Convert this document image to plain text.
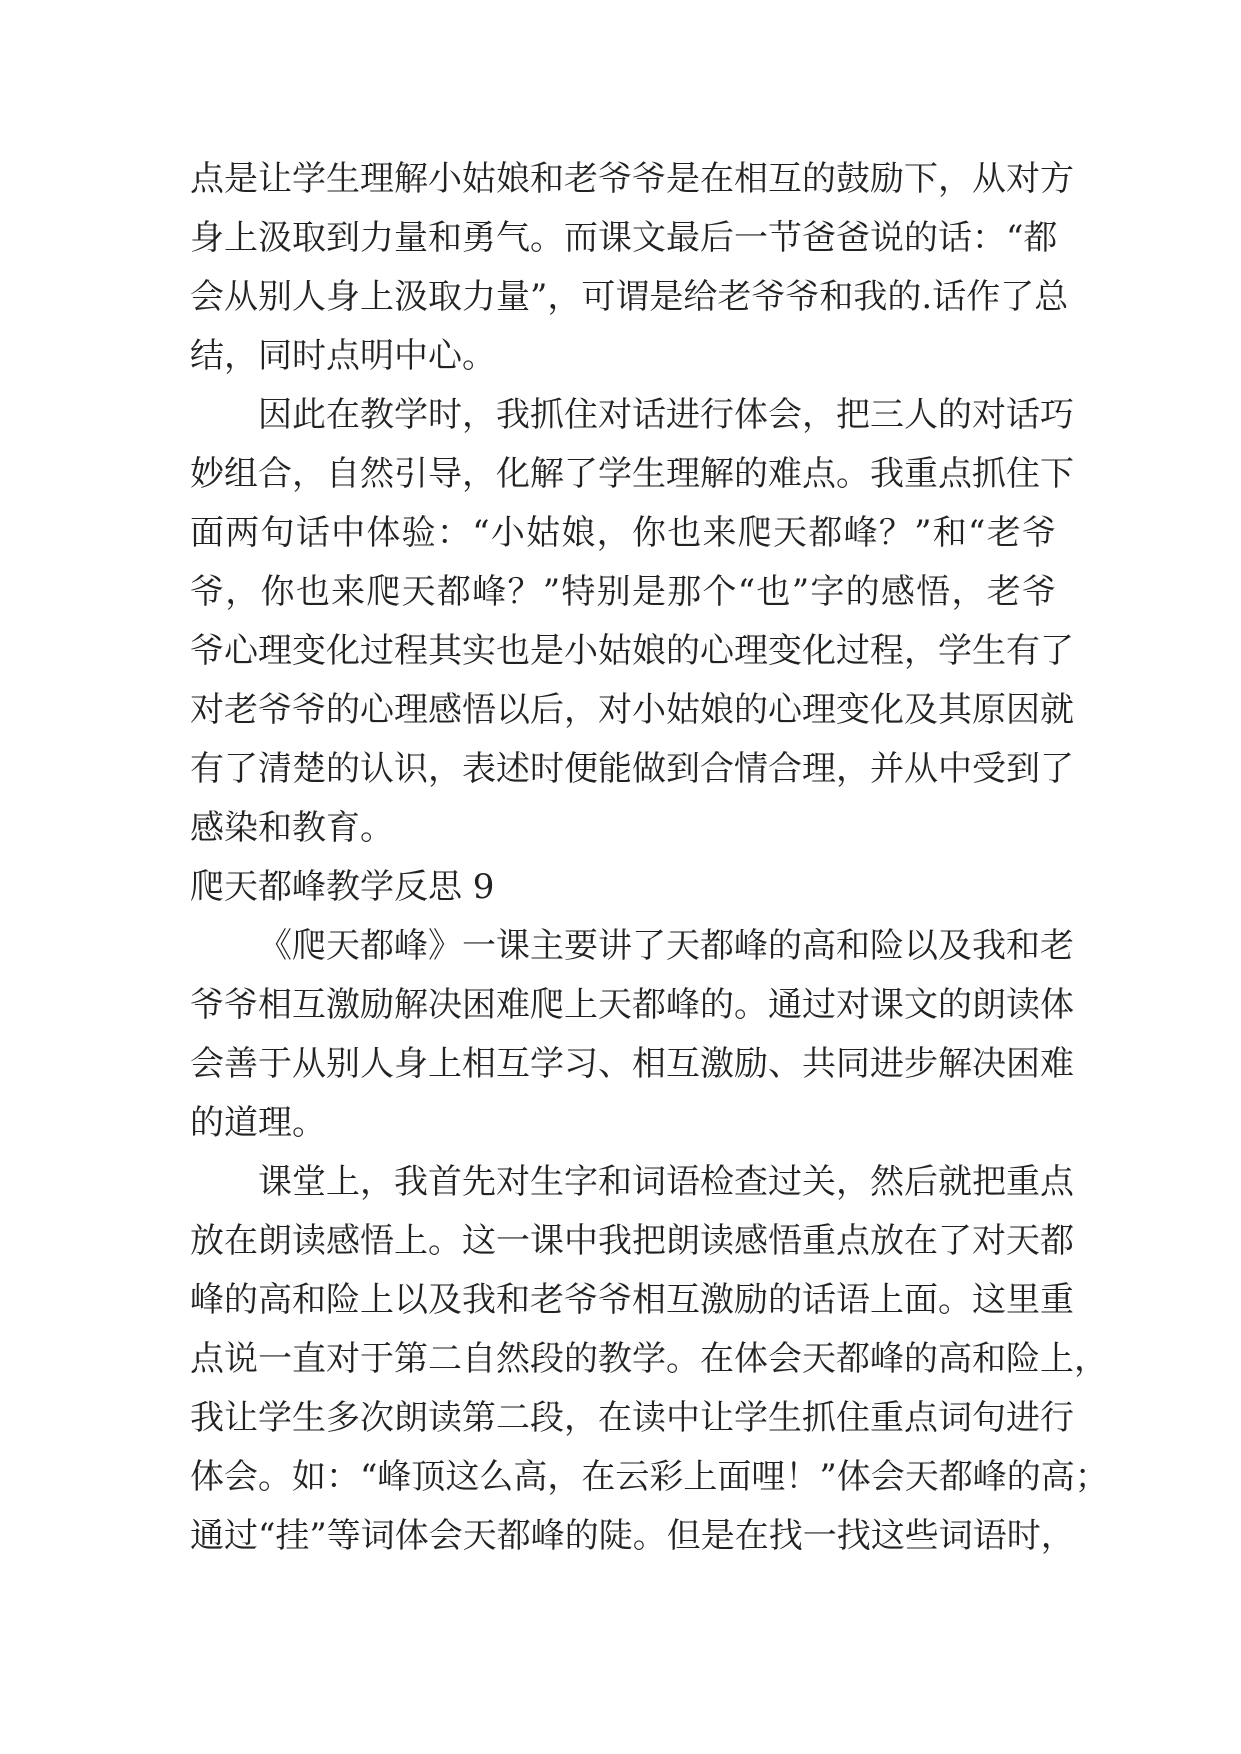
点是让学生理解小姑娘和老爷爷是在相互的鼓励下，从对方
身上汲取到力量和勇气。而课文最后一节爸爸说的话：“都
会从别人身上汲取力量”，可谓是给老爷爷和我的.话作了总
结，同时点明中心。
因此在教学时，我抓住对话进行体会，把三人的对话巧
妙组合，自然引导，化解了学生理解的难点。我重点抓住下
面两句话中体验：“小姑娘，你也来爬天都峰？”和“老爷
爷，你也来爬天都峰？”特别是那个“也”字的感悟，老爷
爷心理变化过程其实也是小姑娘的心理变化过程，学生有了
对老爷爷的心理感悟以后，对小姑娘的心理变化及其原因就
有了清楚的认识，表述时便能做到合情合理，并从中受到了
感染和教育。
爬天都峰教学反思 9
《爬天都峰》一课主要讲了天都峰的高和险以及我和老
爷爷相互激励解决困难爬上天都峰的。通过对课文的朗读体
会善于从别人身上相互学习、相互激励、共同进步解决困难
的道理。
课堂上，我首先对生字和词语检查过关，然后就把重点
放在朗读感悟上。这一课中我把朗读感悟重点放在了对天都
峰的高和险上以及我和老爷爷相互激励的话语上面。这里重
点说一直对于第二自然段的教学。在体会天都峰的高和险上，
我让学生多次朗读第二段，在读中让学生抓住重点词句进行
体会。如：“峰顶这么高，在云彩上面哩！”体会天都峰的高；
通过“挂”等词体会天都峰的陡。但是在找一找这些词语时，
